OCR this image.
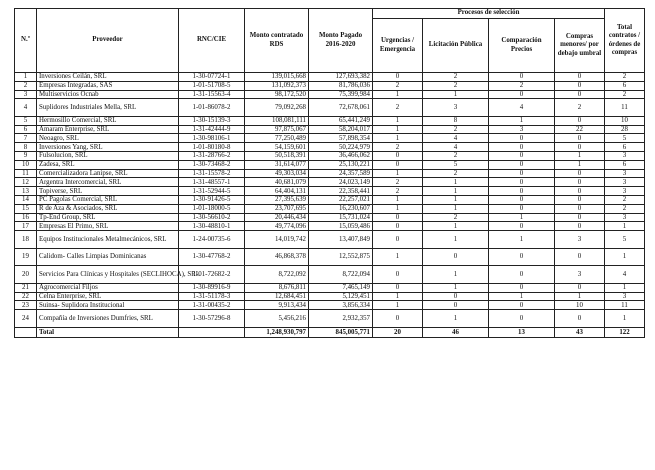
N.º	Proveedor	RNC/CIE	Monto contratado RDS	Monto Pagado 2016-2020	Procesos de selección				Total contratos / órdenes de compras
					Urgencias / Emergencia	Licitación Pública	Comparación Precios	Compras menores/ por debajo umbral	
1	Inversiones Ceilán, SRL	1-30-07724-1	139,015,668	127,693,382	0	2	0	0	2
2	Empresas Integradas, SAS	1-01-51708-5	131,092,373	81,786,036	2	2	2	0	6
3	Multiservicios Ocnab	1-31-15563-4	98,172,520	75,399,984	1	1	0	0	2
4	Suplidores Industriales Mella, SRL	1-01-86078-2	79,092,268	72,678,061	2	3	4	2	11
5	Hermosillo Comercial, SRL	1-30-15139-3	108,081,111	65,441,249	1	8	1	0	10
6	Amaram Enterprise, SRL	1-31-42444-9	97,875,067	58,204,017	1	2	3	22	28
7	Neoagro, SRL	1-30-98106-1	77,250,489	57,898,354	1	4	0	0	5
8	Inversiones Yang, SRL	1-01-80180-8	54,159,601	50,224,979	2	4	0	0	6
9	Fulsolucion, SRL	1-31-28766-2	50,518,391	36,466,062	0	2	0	1	3
10	Zadesa, SRL	1-30-73468-2	31,614,077	25,130,221	0	5	0	1	6
11	Comercializadora Lanipse, SRL	1-31-15578-2	49,303,034	24,357,589	1	2	0	0	3
12	Argentra Intercomercial, SRL	1-31-48557-1	40,681,079	24,023,149	2	1	0	0	3
13	Topiverse, SRL	1-31-52944-5	64,404,131	22,358,441	2	1	0	0	3
14	PC Pagolas Comercial, SRL	1-30-91426-5	27,395,639	22,257,021	1	1	0	0	2
15	R de Aza & Asociados, SRL	1-01-18000-5	23,707,695	16,230,607	1	1	0	0	2
16	Tp-End Group, SRL	1-30-56610-2	20,446,434	15,731,024	0	2	1	0	3
17	Empresas El Primo, SRL	1-30-48810-1	49,774,096	15,059,486	0	1	0	0	1
18	Equipos Institucionales Metalmecánicos, SRL	1-24-00735-6	14,019,742	13,407,849	0	1	1	3	5
19	Calidom- Calles Limpias Dominicanas	1-30-47768-2	46,868,378	12,552,875	1	0	0	0	1
20	Servicios Para Clínicas y Hospitales (SECLIHOCA), SRL	1-01-72682-2	8,722,092	8,722,094	0	1	0	3	4
21	Agrocomercial Filjos	1-30-89916-9	8,676,811	7,465,149	0	1	0	0	1
22	Celna Enterprise, SRL	1-31-51178-3	12,684,451	5,129,451	1	0	1	1	3
23	Suinsa- Suplidora Institucional	1-31-00435-2	9,913,434	3,856,334	1	0	0	10	11
24	Compañía de Inversiones Dumfries, SRL	1-30-57296-8	5,456,216	2,932,357	0	1	0	0	1
	Total		1,248,930,797	845,005,771	20	46	13	43	122
